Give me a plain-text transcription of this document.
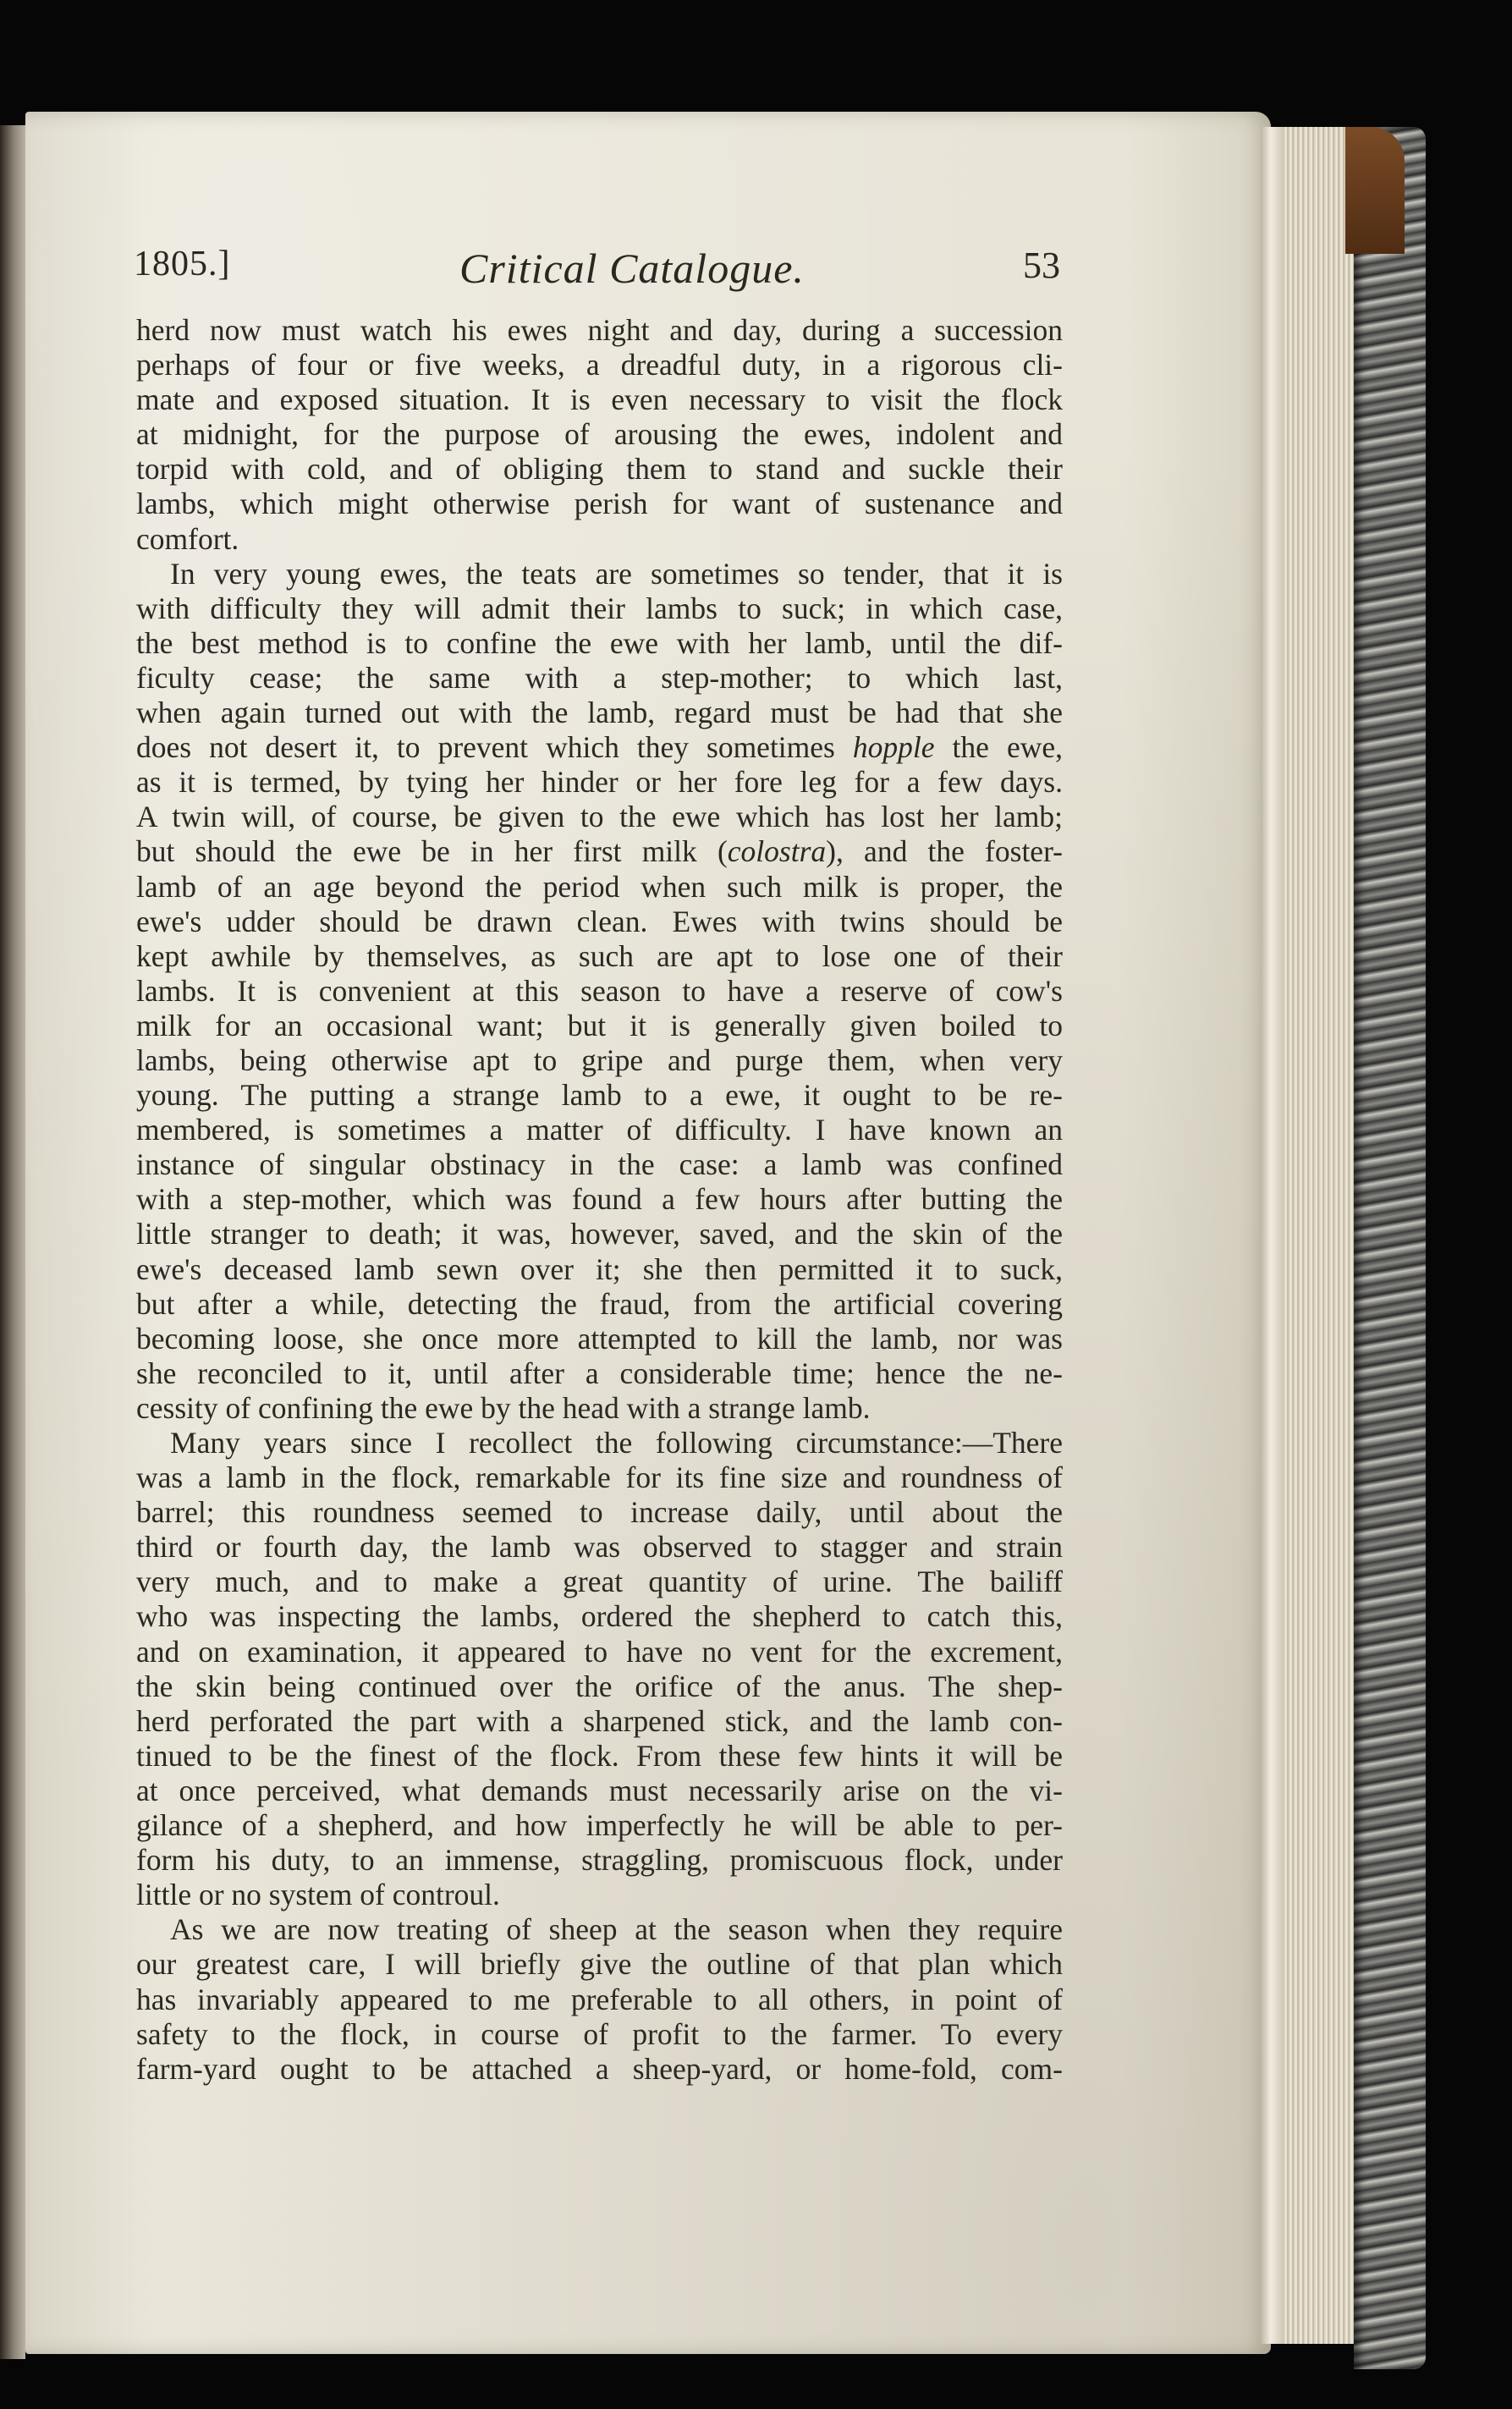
1805.]	Critical Catalogue.	53
herd now must watch his ewes night and day, during a succession
perhaps of four or five weeks, a dreadful duty, in a rigorous cli-
mate and exposed situation. It is even necessary to visit the flock
at midnight, for the purpose of arousing the ewes, indolent and
torpid with cold, and of obliging them to stand and suckle their
lambs, which might otherwise perish for want of sustenance and
comfort.
In very young ewes, the teats are sometimes so tender, that it is
with difficulty they will admit their lambs to suck; in which case,
the best method is to confine the ewe with her lamb, until the dif-
ficulty cease; the same with a step-mother; to which last,
when again turned out with the lamb, regard must be had that she
does not desert it, to prevent which they sometimes hopple the ewe,
as it is termed, by tying her hinder or her fore leg for a few days.
A twin will, of course, be given to the ewe which has lost her lamb;
but should the ewe be in her first milk (colostra), and the foster-
lamb of an age beyond the period when such milk is proper, the
ewe's udder should be drawn clean. Ewes with twins should be
kept awhile by themselves, as such are apt to lose one of their
lambs. It is convenient at this season to have a reserve of cow's
milk for an occasional want; but it is generally given boiled to
lambs, being otherwise apt to gripe and purge them, when very
young. The putting a strange lamb to a ewe, it ought to be re-
membered, is sometimes a matter of difficulty. I have known an
instance of singular obstinacy in the case: a lamb was confined
with a step-mother, which was found a few hours after butting the
little stranger to death; it was, however, saved, and the skin of the
ewe's deceased lamb sewn over it; she then permitted it to suck,
but after a while, detecting the fraud, from the artificial covering
becoming loose, she once more attempted to kill the lamb, nor was
she reconciled to it, until after a considerable time; hence the ne-
cessity of confining the ewe by the head with a strange lamb.
Many years since I recollect the following circumstance:—There
was a lamb in the flock, remarkable for its fine size and roundness of
barrel; this roundness seemed to increase daily, until about the
third or fourth day, the lamb was observed to stagger and strain
very much, and to make a great quantity of urine. The bailiff
who was inspecting the lambs, ordered the shepherd to catch this,
and on examination, it appeared to have no vent for the excrement,
the skin being continued over the orifice of the anus. The shep-
herd perforated the part with a sharpened stick, and the lamb con-
tinued to be the finest of the flock. From these few hints it will be
at once perceived, what demands must necessarily arise on the vi-
gilance of a shepherd, and how imperfectly he will be able to per-
form his duty, to an immense, straggling, promiscuous flock, under
little or no system of controul.
As we are now treating of sheep at the season when they require
our greatest care, I will briefly give the outline of that plan which
has invariably appeared to me preferable to all others, in point of
safety to the flock, in course of profit to the farmer. To every
farm-yard ought to be attached a sheep-yard, or home-fold, com-
